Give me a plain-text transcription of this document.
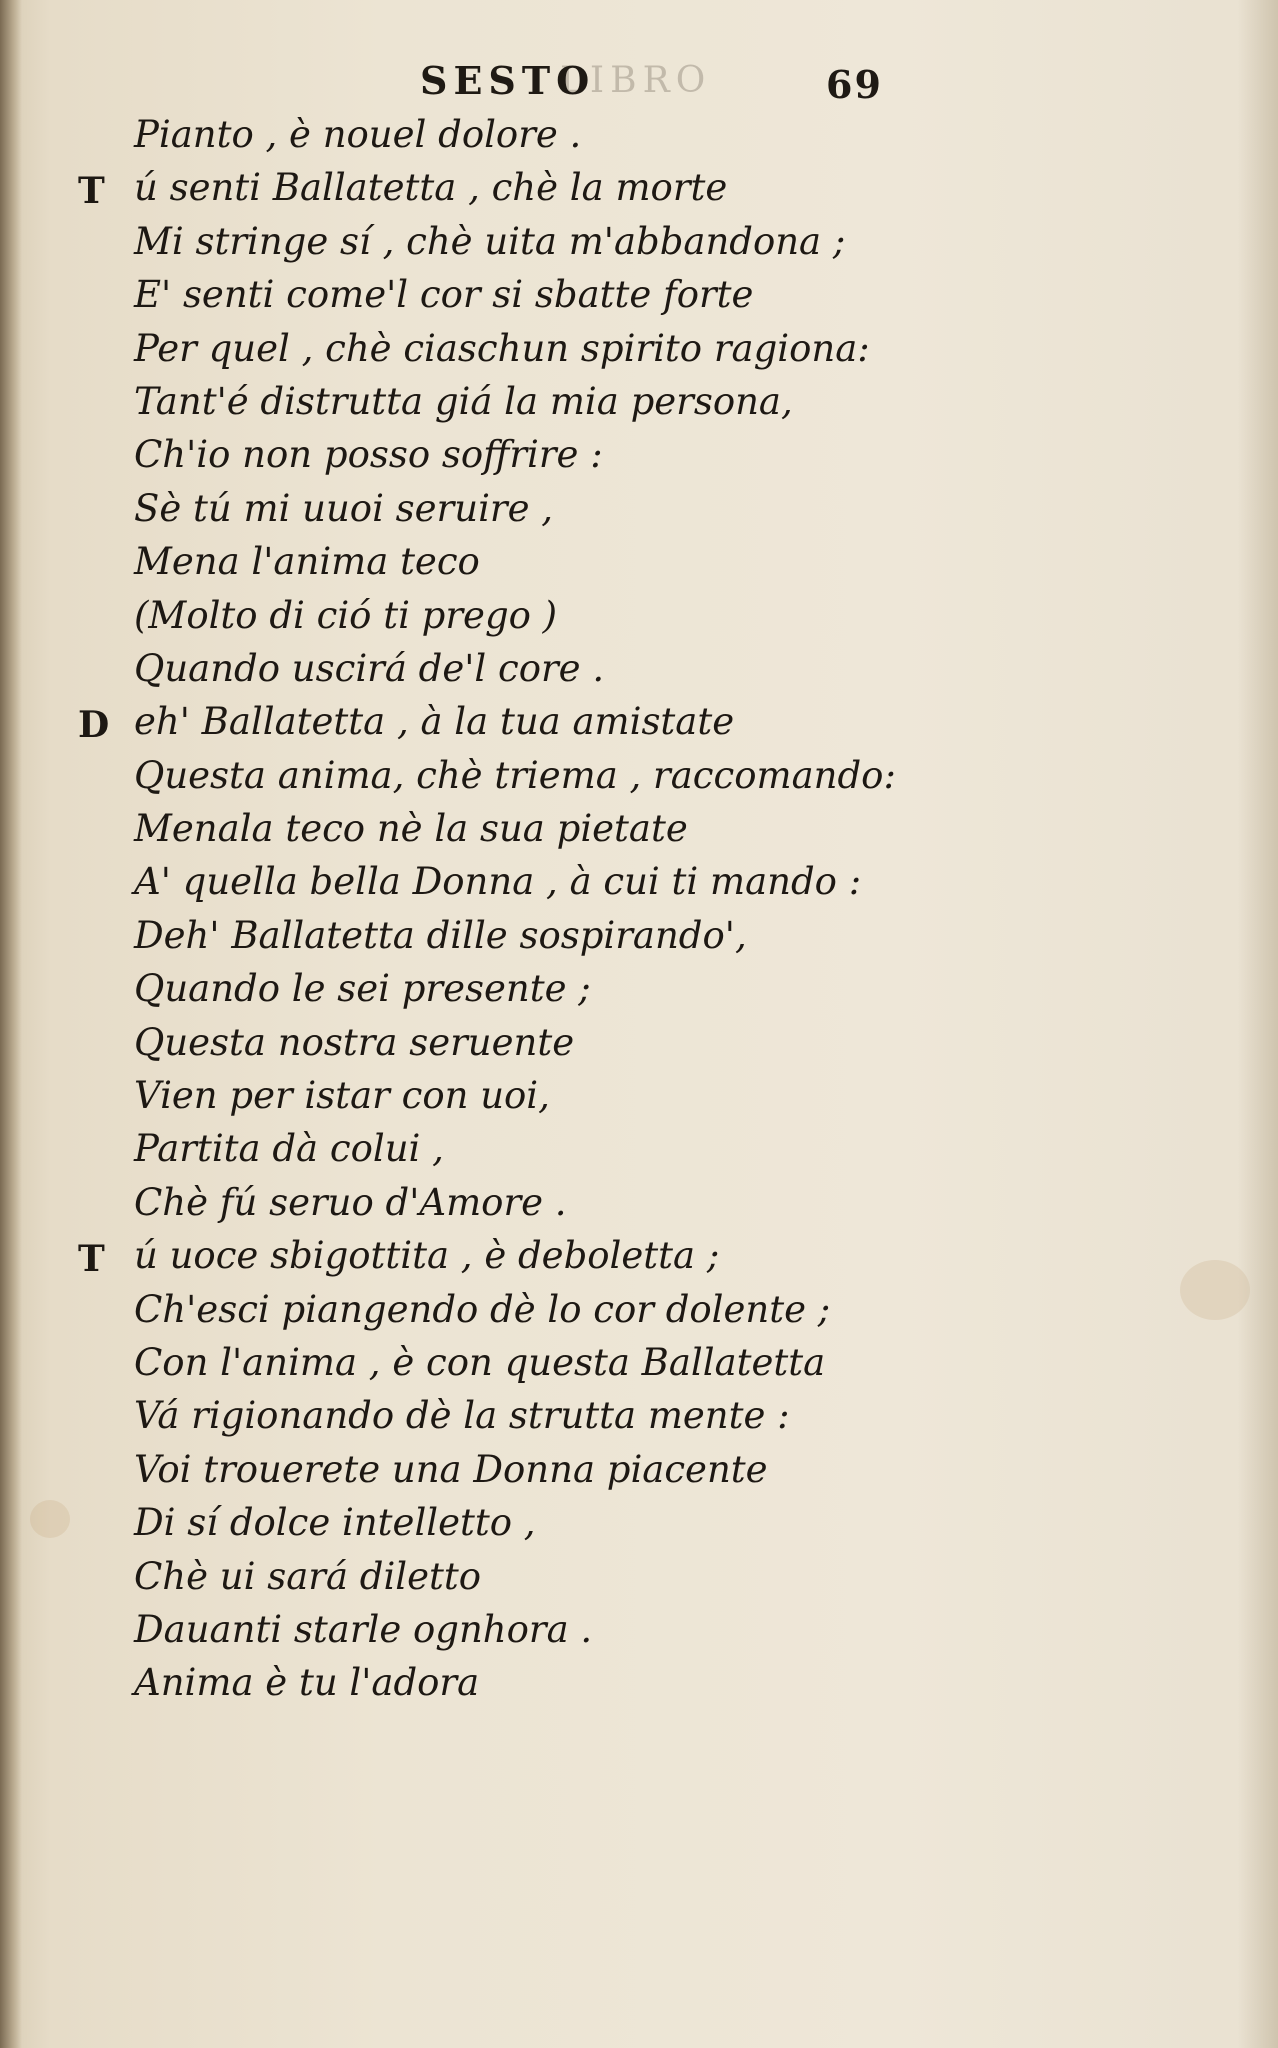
LIBRO
SESTO	69
Pianto , è nouel dolore .
T ú senti Ballatetta , chè la morte
Mi stringe sí , chè uita m'abbandona ;
E' senti come'l cor si sbatte forte
Per quel , chè ciaschun spirito ragiona:
Tant'é distrutta giá la mia persona,
Ch'io non posso soffrire :
Sè tú mi uuoi seruire ,
Mena l'anima teco
(Molto di ció ti prego )
Quando uscirá de'l core .
D eh' Ballatetta , à la tua amistate
Questa anima, chè triema , raccomando:
Menala teco nè la sua pietate
A' quella bella Donna , à cui ti mando :
Deh' Ballatetta dille sospirando',
Quando le sei presente ;
Questa nostra seruente
Vien per istar con uoi,
Partita dà colui ,
Chè fú seruo d'Amore .
T ú uoce sbigottita , è deboletta ;
Ch'esci piangendo dè lo cor dolente ;
Con l'anima , è con questa Ballatetta
Vá rigionando dè la strutta mente :
Voi trouerete una Donna piacente
Di sí dolce intelletto ,
Chè ui sará diletto
Dauanti starle ognhora .
Anima è tu l'adora
